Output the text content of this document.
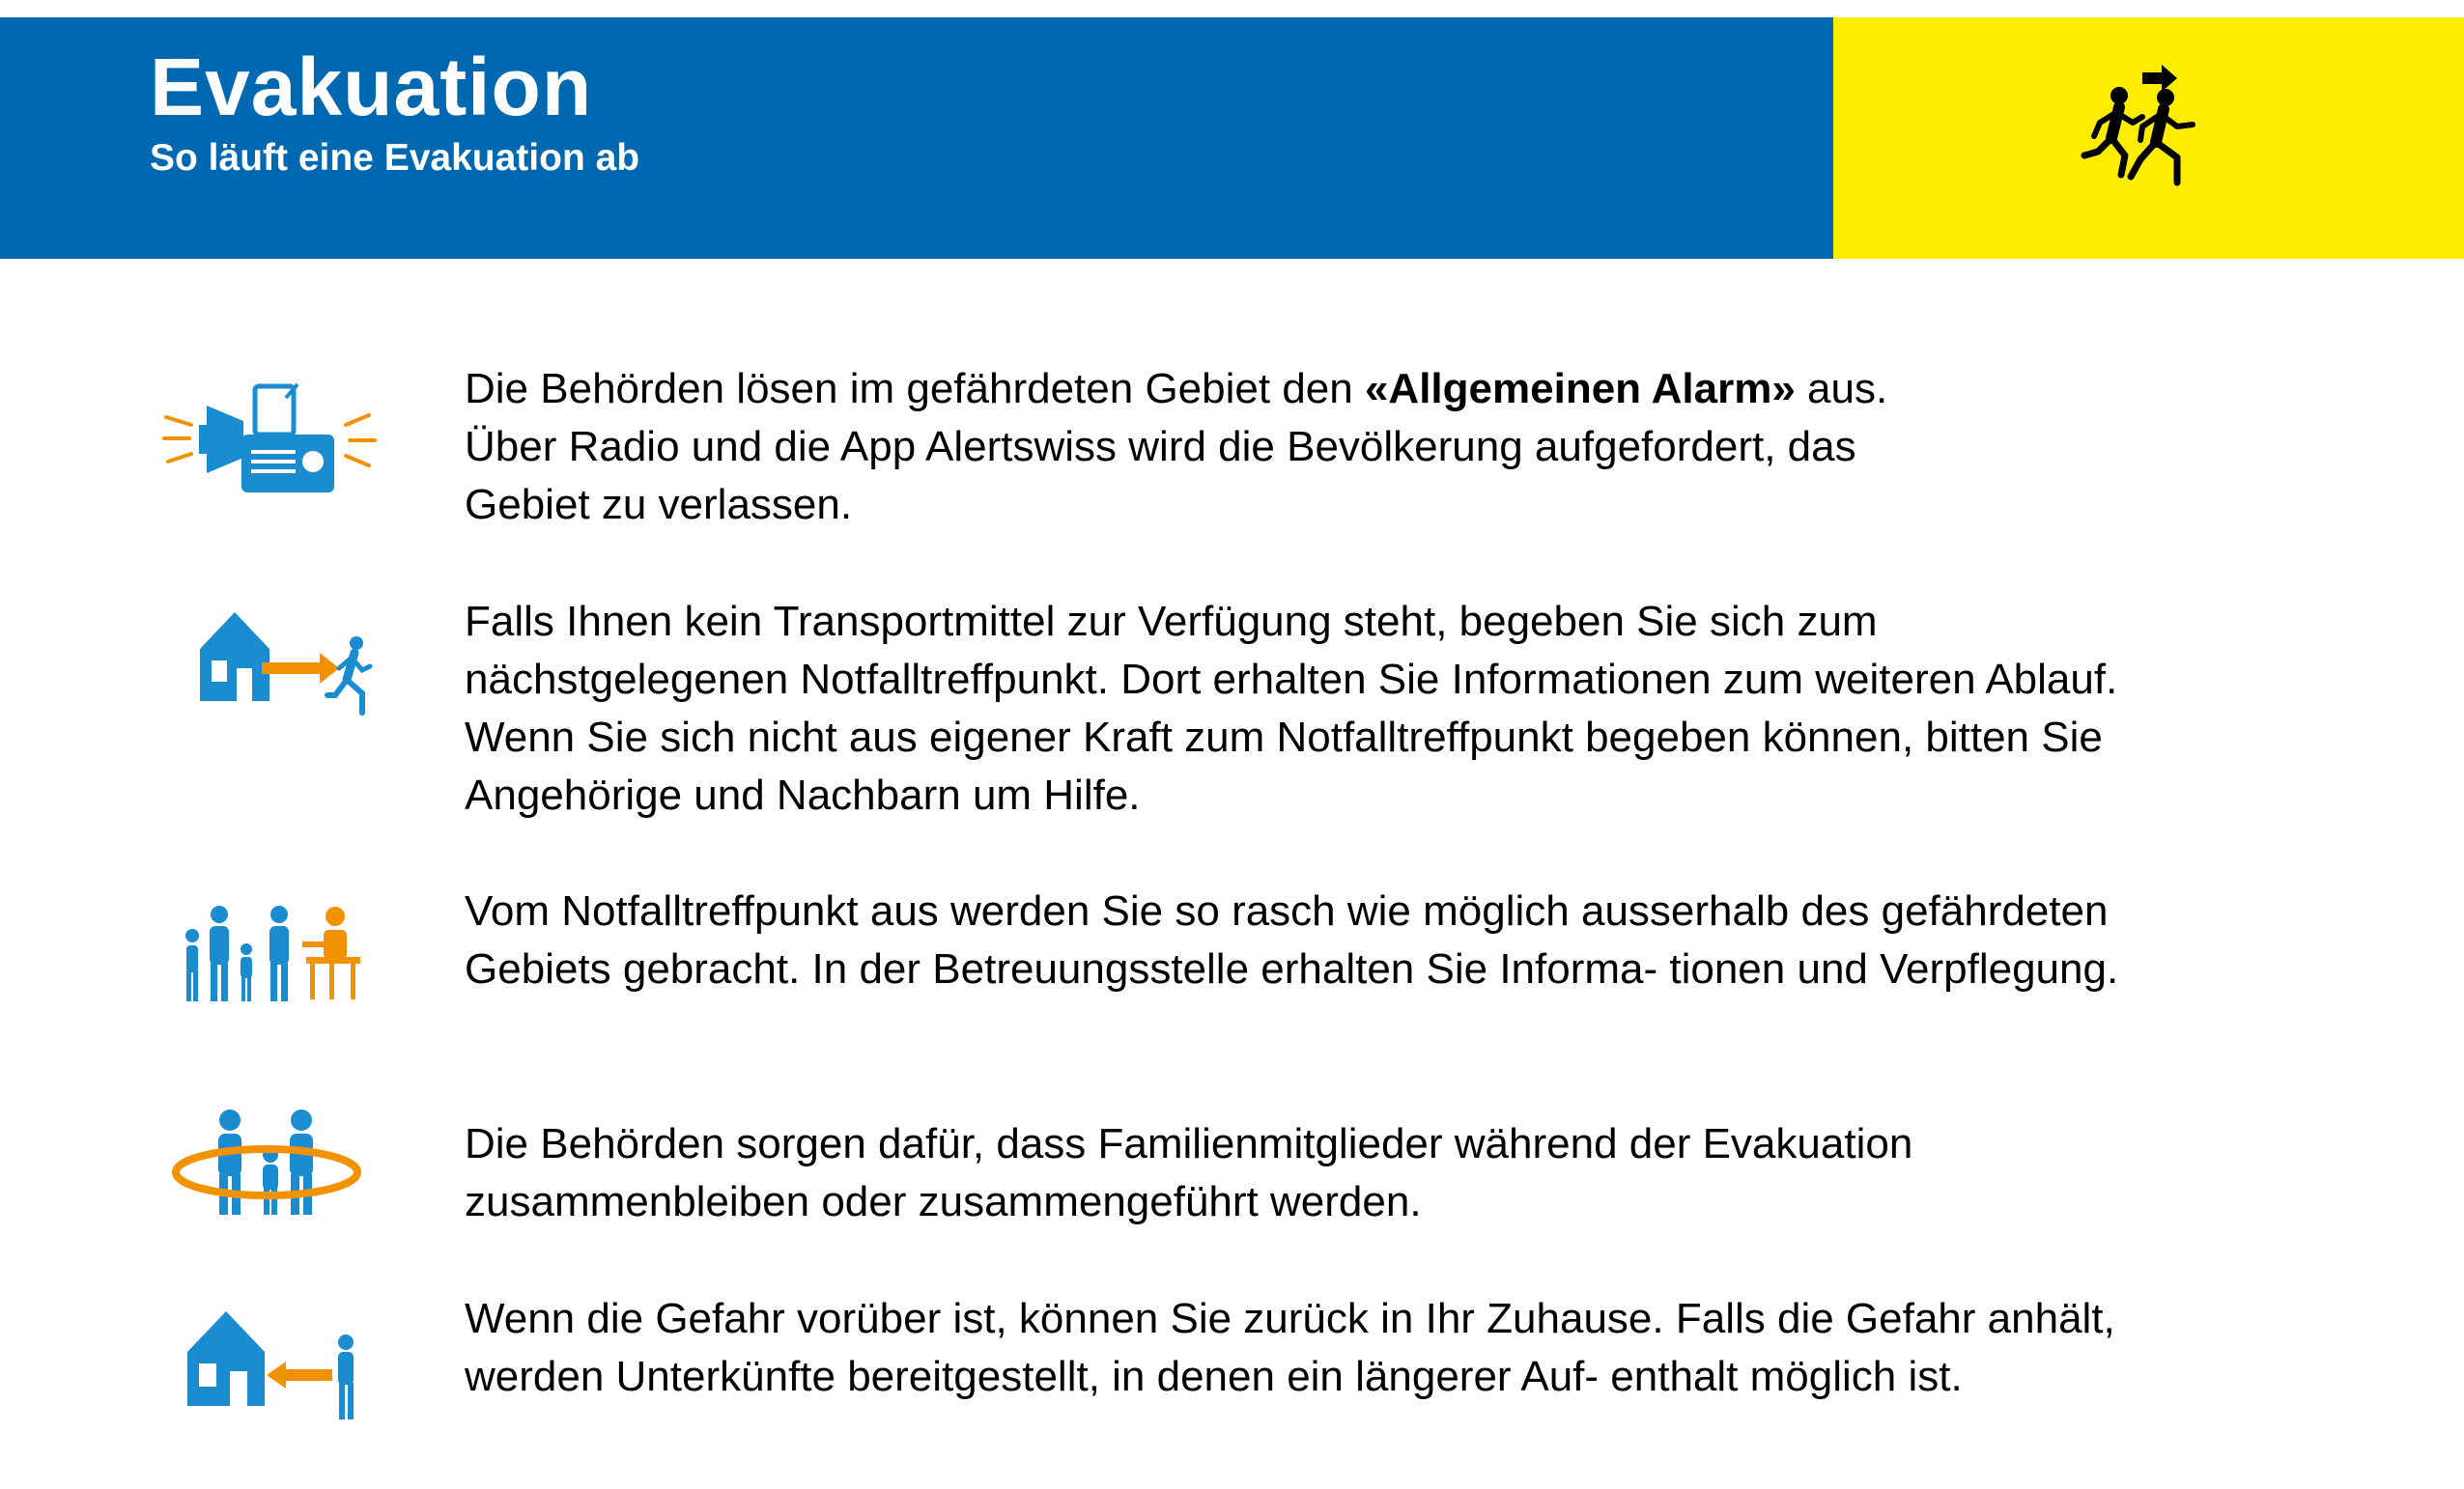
Evakuation
So läuft eine Evakuation ab
Die Behörden lösen im gefährdeten Gebiet den «Allgemeinen Alarm» aus.
Über Radio und die App Alertswiss wird die Bevölkerung aufgefordert, das
Gebiet zu verlassen.
Falls Ihnen kein Transportmittel zur Verfügung steht, begeben Sie sich zum nächstgelegenen Notfalltreffpunkt. Dort erhalten Sie Informationen zum weiteren Ablauf. Wenn Sie sich nicht aus eigener Kraft zum Notfalltreffpunkt begeben können, bitten Sie Angehörige und Nachbarn um Hilfe.
Vom Notfalltreffpunkt aus werden Sie so rasch wie möglich ausserhalb des gefährdeten Gebiets gebracht. In der Betreuungsstelle erhalten Sie Informa- tionen und Verpflegung.
Die Behörden sorgen dafür, dass Familienmitglieder während der Evakuation zusammenbleiben oder zusammengeführt werden.
Wenn die Gefahr vorüber ist, können Sie zurück in Ihr Zuhause. Falls die Gefahr anhält, werden Unterkünfte bereitgestellt, in denen ein längerer Auf- enthalt möglich ist.
